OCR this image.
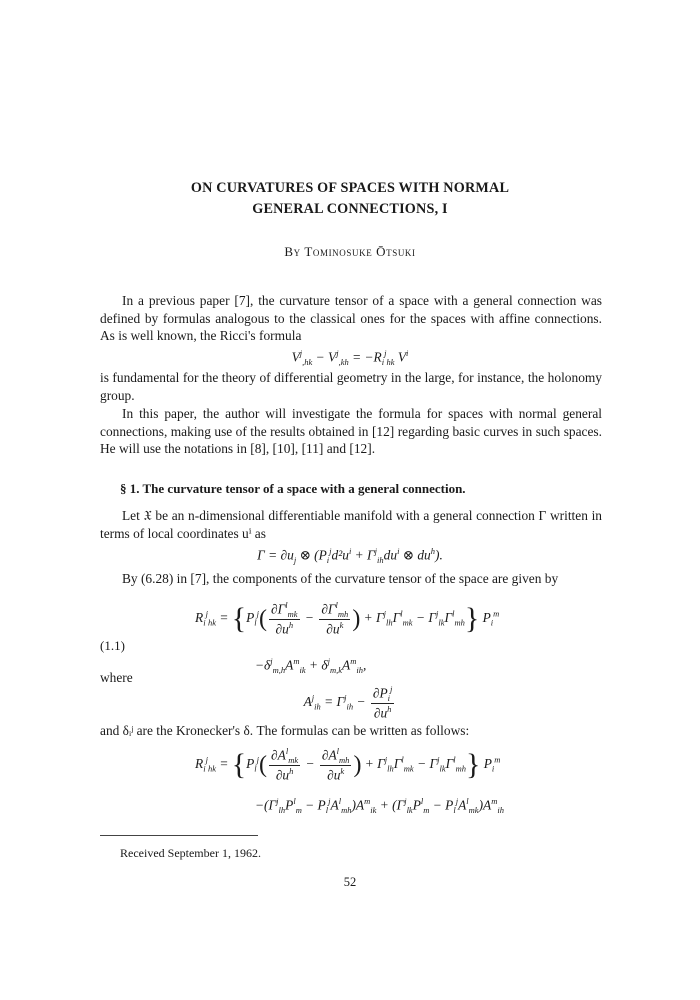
ON CURVATURES OF SPACES WITH NORMAL
GENERAL CONNECTIONS, I
By Tominosuke Ōtsuki
In a previous paper [7], the curvature tensor of a space with a general connection was defined by formulas analogous to the classical ones for the spaces with affine connections. As is well known, the Ricci's formula
$V^j_{,hk} - V^j_{,kh} = -R_i^j_{hk}$ $V^i$
is fundamental for the theory of differential geometry in the large, for instance, the holonomy group.
In this paper, the author will investigate the formula for spaces with normal general connections, making use of the results obtained in [12] regarding basic curves in such spaces. He will use the notations in [8], [10], [11] and [12].
§ 1. The curvature tensor of a space with a general connection.
Let 𝔛 be an n-dimensional differentiable manifold with a general connection Γ written in terms of local coordinates uⁱ as
$\Gamma = \partial u_j$ ⊗ ($P_i^jd^2u^i + \Gamma^j_{ih}du^i$ ⊗ $du^h$).
By (6.28) in [7], the components of the curvature tensor of the space are given by
$R_i^j_{hk} = \{P_l^j( \frac{\partial\Gamma^l_{mk}}{\partial u^h} - \frac{\partial\Gamma^l_{mh}}{\partial u^k}$ ) + $\Gamma^j_{lh}\Gamma^l_{mk} - \Gamma^j_{lk}\Gamma^l_{mh}$} $P_i^m$
(1.1)
$-\delta^j_{m,h}A^m_{ik} + \delta^j_{m,k}A^m_{ih}$,
where
$A^j_{ih} = \Gamma^j_{ih} - \frac{\partial P_i^j}{\partial u^h}$
and δᵢʲ are the Kronecker's δ. The formulas can be written as follows:
$R_i^j_{hk} = \{P_l^j( \frac{\partial A^l_{mk}}{\partial u^h} - \frac{\partial A^l_{mh}}{\partial u^k}$ ) + $\Gamma^j_{lh}\Gamma^l_{mk} - \Gamma^j_{lk}\Gamma^l_{mh}$} $P_i^m$
$-(\Gamma^j_{lh}P^l_m - P_l^jA^l_{mh})A^m_{ik} + (\Gamma^j_{lk}P^l_m - P_l^jA^l_{mk})A^m_{ih}$
Received September 1, 1962.
52
